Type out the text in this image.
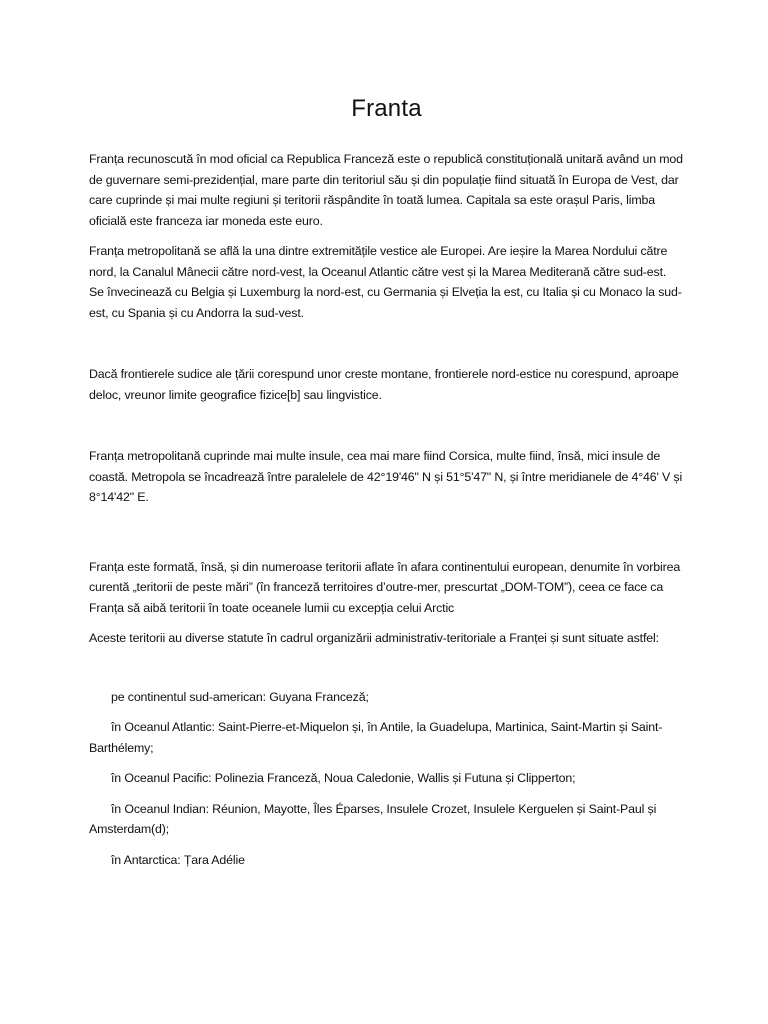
Franta

Franța recunoscută în mod oficial ca Republica Franceză este o republică constituțională unitară având un mod de guvernare semi-prezidențial, mare parte din teritoriul său și din populație fiind situată în Europa de Vest, dar care cuprinde și mai multe regiuni și teritorii răspândite în toată lumea. Capitala sa este orașul Paris, limba oficială este franceza iar moneda este euro.

Franța metropolitană se află la una dintre extremitățile vestice ale Europei. Are ieșire la Marea Nordului către nord, la Canalul Mânecii către nord-vest, la Oceanul Atlantic către vest și la Marea Mediterană către sud-est. Se învecinează cu Belgia și Luxemburg la nord-est, cu Germania și Elveția la est, cu Italia și cu Monaco la sud-est, cu Spania și cu Andorra la sud-vest.

Dacă frontierele sudice ale țării corespund unor creste montane, frontierele nord-estice nu corespund, aproape deloc, vreunor limite geografice fizice[b] sau lingvistice.

Franța metropolitană cuprinde mai multe insule, cea mai mare fiind Corsica, multe fiind, însă, mici insule de coastă. Metropola se încadrează între paralelele de 42°19'46" N și 51°5'47" N, și între meridianele de 4°46' V și 8°14'42" E.

Franța este formată, însă, și din numeroase teritorii aflate în afara continentului european, denumite în vorbirea curentă „teritorii de peste mări” (în franceză territoires d’outre-mer, prescurtat „DOM-TOM”), ceea ce face ca Franța să aibă teritorii în toate oceanele lumii cu excepția celui Arctic

Aceste teritorii au diverse statute în cadrul organizării administrativ-teritoriale a Franței și sunt situate astfel:

pe continentul sud-american: Guyana Franceză;

în Oceanul Atlantic: Saint-Pierre-et-Miquelon și, în Antile, la Guadelupa, Martinica, Saint-Martin și Saint-Barthélemy;

în Oceanul Pacific: Polinezia Franceză, Noua Caledonie, Wallis și Futuna și Clipperton;

în Oceanul Indian: Réunion, Mayotte, Îles Éparses, Insulele Crozet, Insulele Kerguelen și Saint-Paul și Amsterdam(d);

în Antarctica: Țara Adélie
